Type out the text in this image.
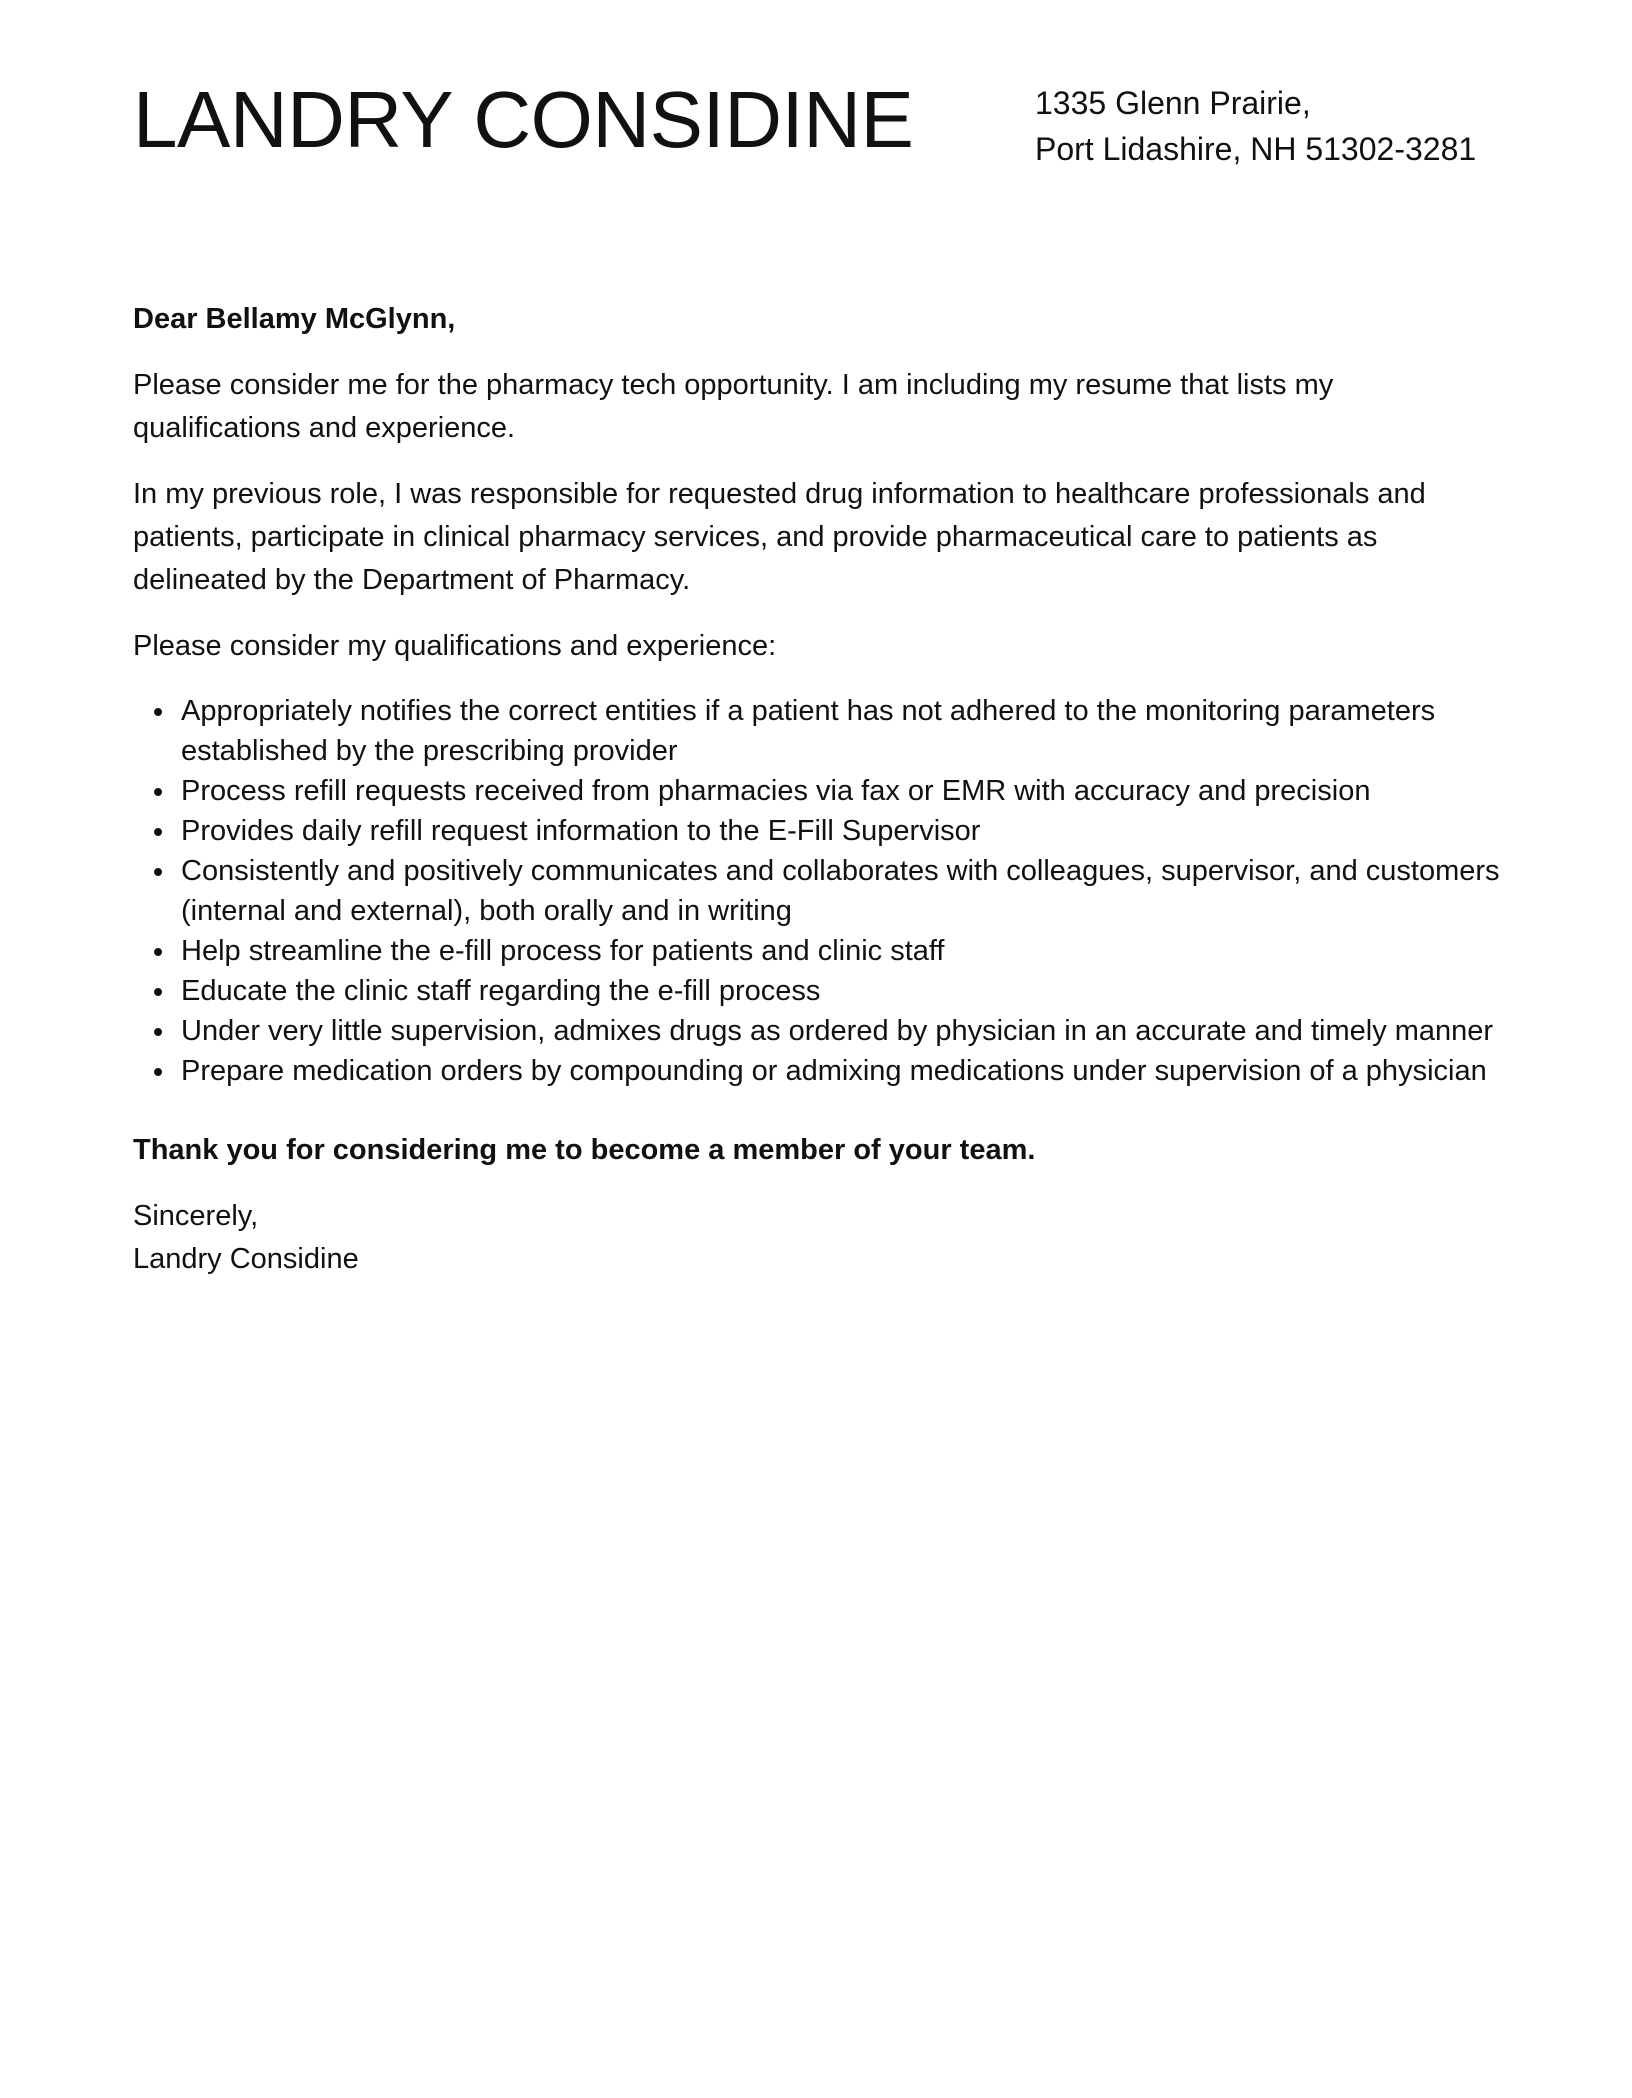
LANDRY CONSIDINE	1335 Glenn Prairie,
Port Lidashire, NH 51302-3281

Dear Bellamy McGlynn,

Please consider me for the pharmacy tech opportunity. I am including my resume that lists my qualifications and experience.

In my previous role, I was responsible for requested drug information to healthcare professionals and patients, participate in clinical pharmacy services, and provide pharmaceutical care to patients as delineated by the Department of Pharmacy.

Please consider my qualifications and experience:

Appropriately notifies the correct entities if a patient has not adhered to the monitoring parameters established by the prescribing provider
Process refill requests received from pharmacies via fax or EMR with accuracy and precision
Provides daily refill request information to the E-Fill Supervisor
Consistently and positively communicates and collaborates with colleagues, supervisor, and customers (internal and external), both orally and in writing
Help streamline the e-fill process for patients and clinic staff
Educate the clinic staff regarding the e-fill process
Under very little supervision, admixes drugs as ordered by physician in an accurate and timely manner
Prepare medication orders by compounding or admixing medications under supervision of a physician

Thank you for considering me to become a member of your team.

Sincerely,
Landry Considine
